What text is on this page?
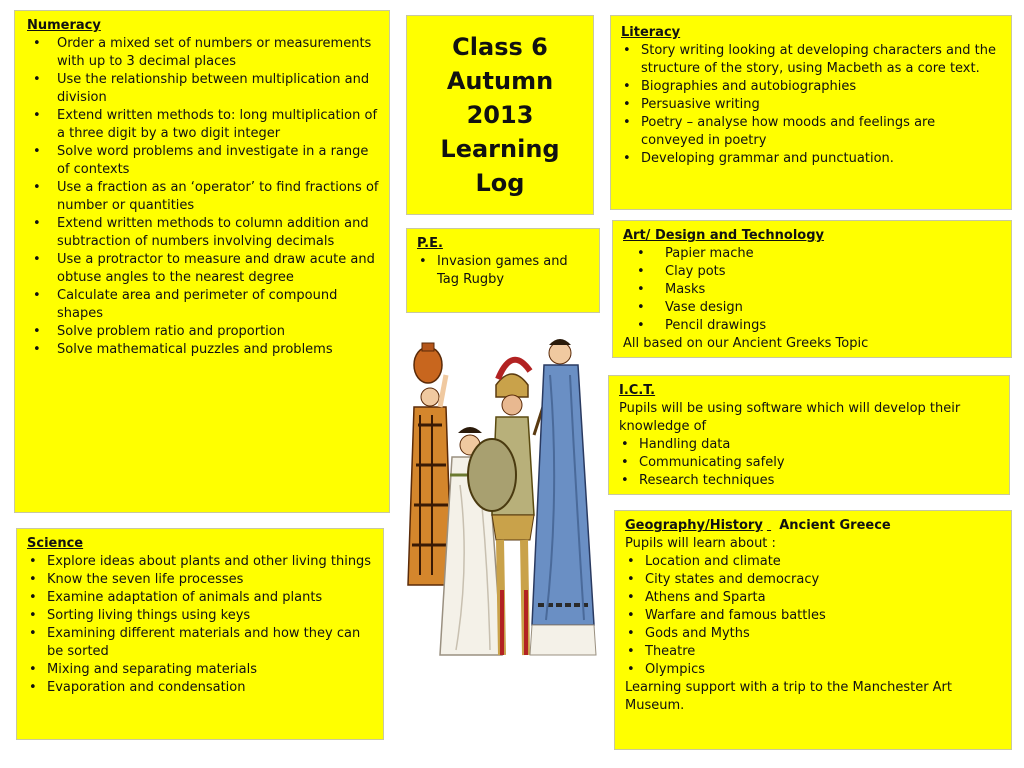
Numeracy
• Order a mixed set of numbers or measurements with up to 3 decimal places
• Use the relationship between multiplication and division
• Extend written methods to: long multiplication of a three digit by a two digit integer
• Solve word problems and investigate in a range of contexts
• Use a fraction as an ‘operator’ to find fractions of number or quantities
• Extend written methods to column addition and subtraction of numbers involving decimals
• Use a protractor to measure and draw acute and obtuse angles to the nearest degree
• Calculate area and perimeter of compound shapes
• Solve problem ratio and proportion
• Solve mathematical puzzles and problems
Class 6
Autumn
2013
Learning
Log
Literacy
• Story writing looking at developing characters and the structure of the story, using Macbeth as a core text.
• Biographies and autobiographies
• Persuasive writing
• Poetry – analyse how moods and feelings are conveyed in poetry
• Developing grammar and punctuation.
P.E.
• Invasion games and Tag Rugby
Art/ Design and Technology
• Papier mache
• Clay pots
• Masks
• Vase design
• Pencil drawings

All based on our Ancient Greeks Topic

I.C.T.

Pupils will be using software which will develop their knowledge of

• Handling data
• Communicating safely
• Research techniques
Science
• Explore ideas about plants and other living things
• Know the seven life processes
• Examine adaptation of animals and plants
• Sorting living things using keys
• Examining different materials and how they can be sorted
• Mixing and separating materials
• Evaporation and condensation
Geography/History Ancient Greece

Pupils will learn about :

• Location and climate
• City states and democracy
• Athens and Sparta
• Warfare and famous battles
• Gods and Myths
• Theatre
• Olympics

Learning support with a trip to the Manchester Art Museum.
